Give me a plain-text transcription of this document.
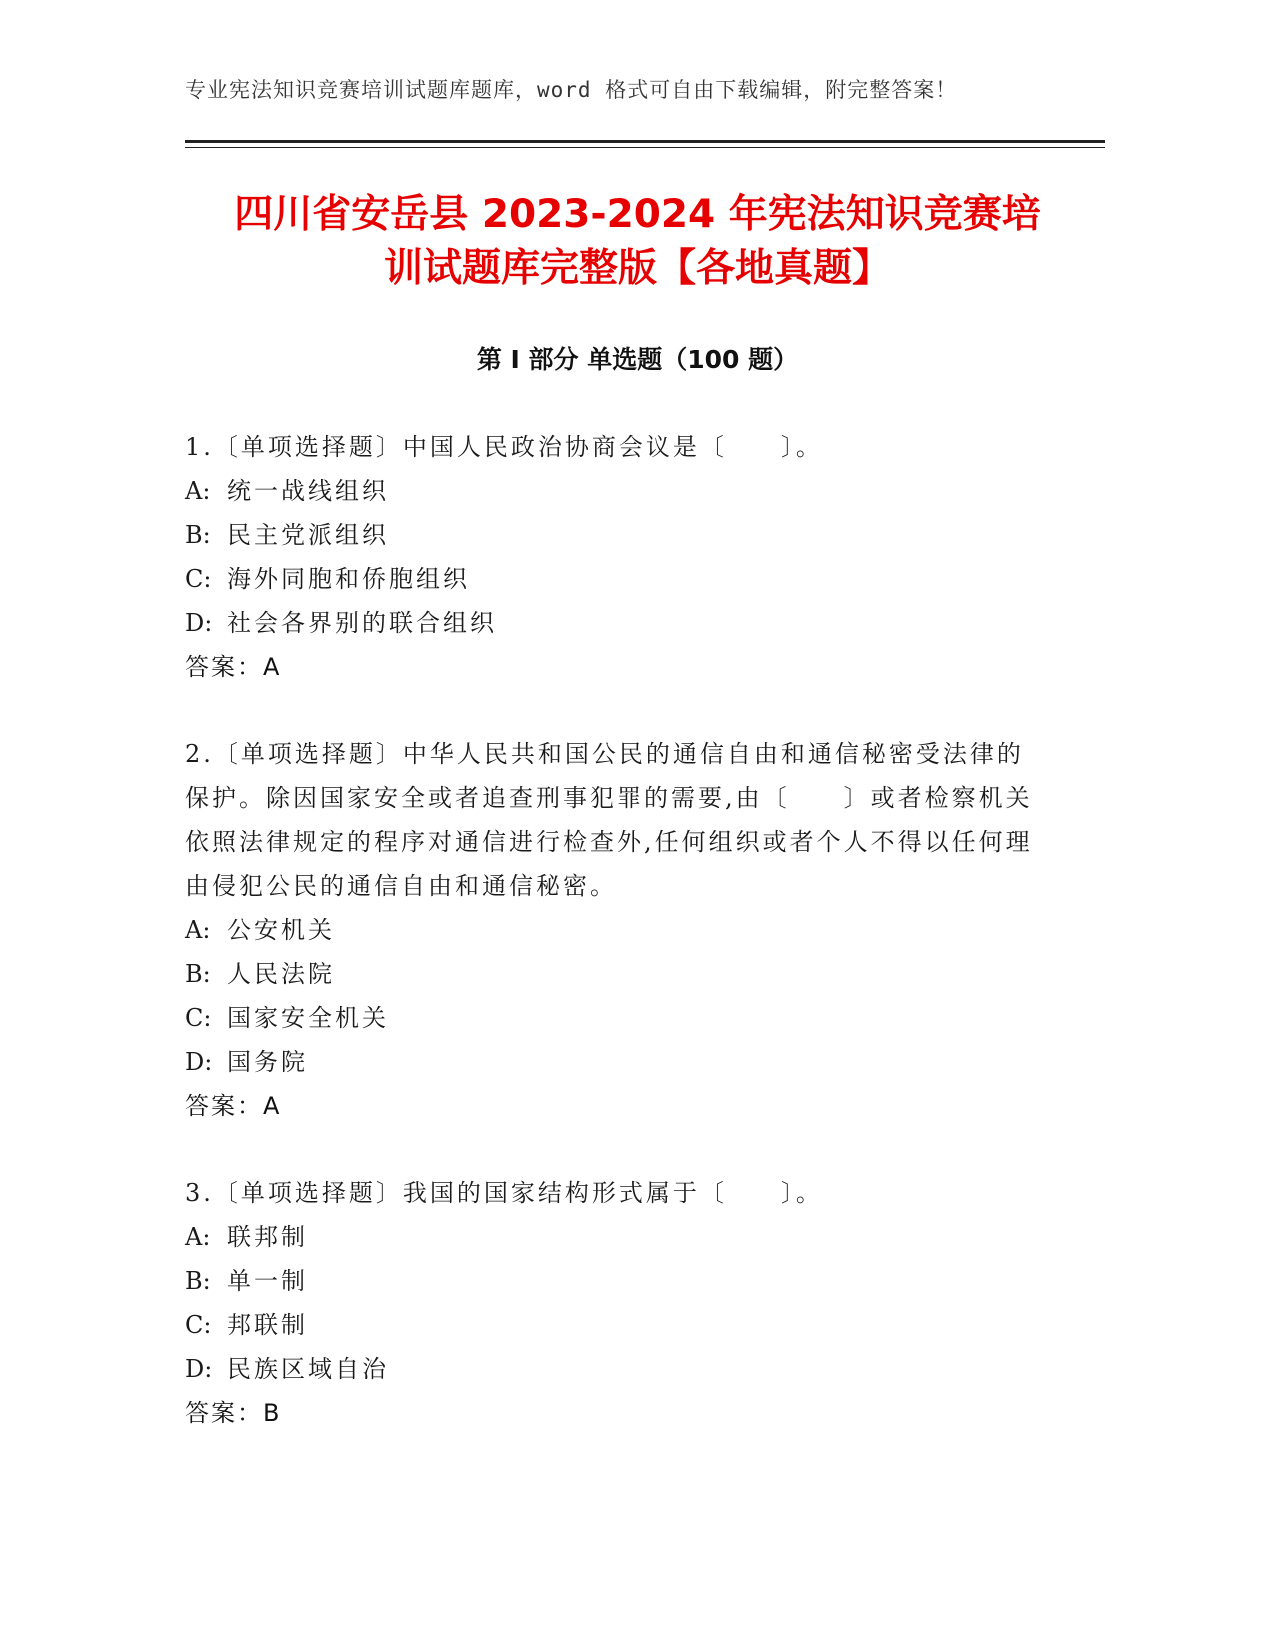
专业宪法知识竞赛培训试题库题库，word 格式可自由下载编辑，附完整答案！
四川省安岳县 2023-2024 年宪法知识竞赛培
训试题库完整版【各地真题】
第 I 部分 单选题（100 题）

1.〔单项选择题〕中国人民政治协商会议是〔　　〕。

A: 统一战线组织
B: 民主党派组织
C: 海外同胞和侨胞组织
D: 社会各界别的联合组织
答案：A

2.〔单项选择题〕中华人民共和国公民的通信自由和通信秘密受法律的保护。除因国家安全或者追查刑事犯罪的需要,由〔　　〕或者检察机关依照法律规定的程序对通信进行检查外,任何组织或者个人不得以任何理由侵犯公民的通信自由和通信秘密。

A: 公安机关
B: 人民法院
C: 国家安全机关
D: 国务院
答案：A

3.〔单项选择题〕我国的国家结构形式属于〔　　〕。

A: 联邦制
B: 单一制
C: 邦联制
D: 民族区域自治
答案：B
